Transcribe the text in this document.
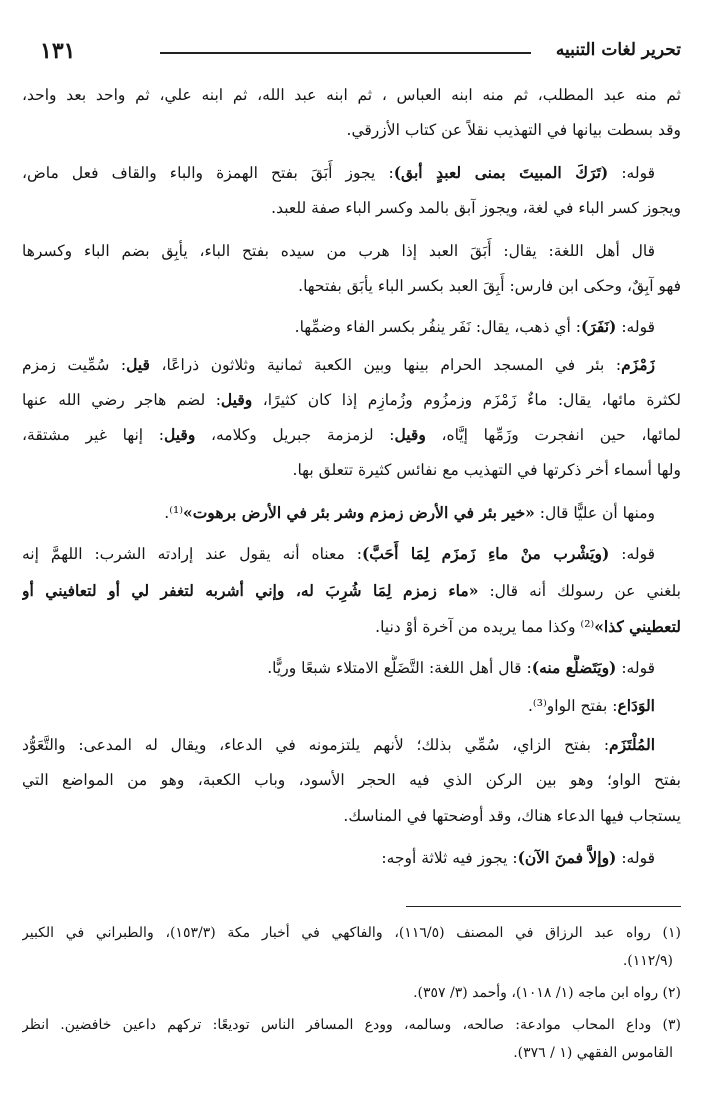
تحرير لغات التنبيه
١٣١
ثم منه عبد المطلب، ثم منه ابنه العباس ، ثم ابنه عبد الله، ثم ابنه علي، ثم واحد بعد واحد،
وقد بسطت بيانها في التهذيب نقلاً عن كتاب الأزرقي.
قوله: (تَرَكَ المبيتَ بمنى لعبدٍ أبق): يجوز أَبَقَ بفتح الهمزة والباء والقاف فعل ماض،
ويجوز كسر الباء في لغة، ويجوز آبق بالمد وكسر الباء صفة للعبد.
قال أهل اللغة: يقال: أَبَقَ العبد إذا هرب من سيده بفتح الباء، يأبِق بضم الباء وكسرها
فهو آبِقٌ، وحكى ابن فارس: أَبِقَ العبد بكسر الباء يأبَق بفتحها.
قوله: (نَفَرَ): أي ذهب، يقال: نَفَر ينفُر بكسر الفاء وضمِّها.
زَمْزَم: بئر في المسجد الحرام بينها وبين الكعبة ثمانية وثلاثون ذراعًا، قيل: سُمِّيت زمزم
لكثرة مائها، يقال: ماءٌ زَمْزَم وزمزُوم وزُمازِم إذا كان كثيرًا، وقيل: لضم هاجر رضي الله عنها
لمائها، حين انفجرت وزَمِّها إيَّاه، وقيل: لزمزمة جبريل وكلامه، وقيل: إنها غير مشتقة،
ولها أسماء أخر ذكرتها في التهذيب مع نفائس كثيرة تتعلق بها.
ومنها أن عليًّا قال: «خير بئر في الأرض زمزم وشر بئر في الأرض برهوت»⁽¹⁾.
قوله: (ويَشْرب منْ ماءِ زَمزَم لِمَا أَحَبَّ): معناه أنه يقول عند إرادته الشرب: اللهمَّ إنه
بلغني عن رسولك أنه قال: «ماء زمزم لِمَا شُرِبَ له، وإني أشربه لتغفر لي أو لتعافيني أو
لتعطيني كذا»⁽²⁾ وكذا مما يريده من آخرة أوْ دنيا.
قوله: (ويَتَضلَّع منه): قال أهل اللغة: التَّضَلُّع الامتلاء شبعًا وريًّا.
الوَدَاع: بفتح الواو⁽³⁾.
المُلْتَزَم: بفتح الزاي، سُمِّي بذلك؛ لأنهم يلتزمونه في الدعاء، ويقال له المدعى: والتَّعَوُّد
بفتح الواو؛ وهو بين الركن الذي فيه الحجر الأسود، وباب الكعبة، وهو من المواضع التي
يستجاب فيها الدعاء هناك، وقد أوضحتها في المناسك.
قوله: (وإلاَّ فمنَ الآن): يجوز فيه ثلاثة أوجه:
(١) رواه عبد الرزاق في المصنف (١١٦/٥)، والفاكهي في أخبار مكة (١٥٣/٣)، والطبراني في الكبير
(١١٢/٩).
(٢) رواه ابن ماجه (١/ ١٠١٨)، وأحمد (٣/ ٣٥٧).
(٣) وداع المحاب موادعة: صالحه، وسالمه، وودع المسافر الناس توديعًا: تركهم داعين خافضين. انظر
القاموس الفقهي (١ / ٣٧٦).
